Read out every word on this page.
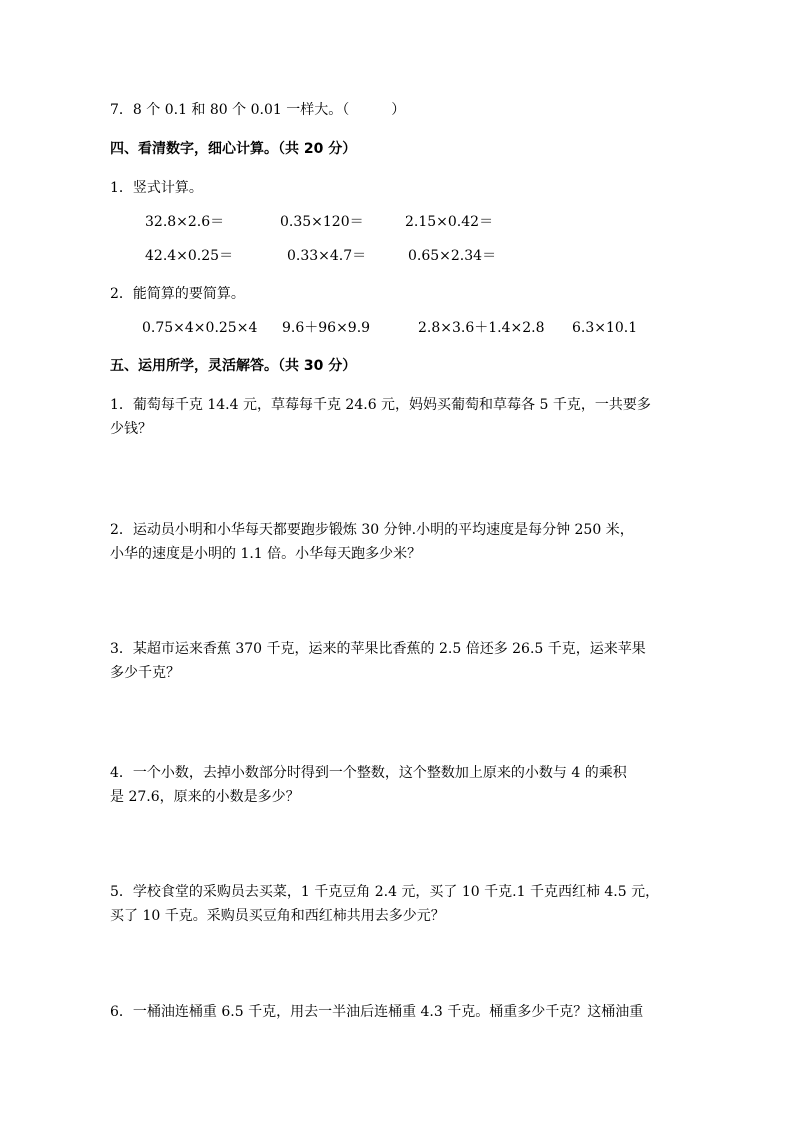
7．8 个 0.1 和 80 个 0.01 一样大。（　　　）
四、看清数字，细心计算。（共 20 分）
1．竖式计算。
32.8×2.6＝	0.35×120＝	2.15×0.42＝
42.4×0.25＝	0.33×4.7＝	0.65×2.34＝
2．能简算的要简算。
0.75×4×0.25×4 9.6＋96×9.9	2.8×3.6＋1.4×2.8 6.3×10.1
五、运用所学，灵活解答。（共 30 分）
1．葡萄每千克 14.4 元，草莓每千克 24.6 元，妈妈买葡萄和草莓各 5 千克，一共要多
少钱？
2．运动员小明和小华每天都要跑步锻炼 30 分钟.小明的平均速度是每分钟 250 米，
小华的速度是小明的 1.1 倍。小华每天跑多少米？
3．某超市运来香蕉 370 千克，运来的苹果比香蕉的 2.5 倍还多 26.5 千克，运来苹果
多少千克？
4．一个小数，去掉小数部分时得到一个整数，这个整数加上原来的小数与 4 的乘积
是 27.6，原来的小数是多少？
5．学校食堂的采购员去买菜，1 千克豆角 2.4 元，买了 10 千克.1 千克西红柿 4.5 元，
买了 10 千克。采购员买豆角和西红柿共用去多少元？
6．一桶油连桶重 6.5 千克，用去一半油后连桶重 4.3 千克。桶重多少千克？这桶油重
